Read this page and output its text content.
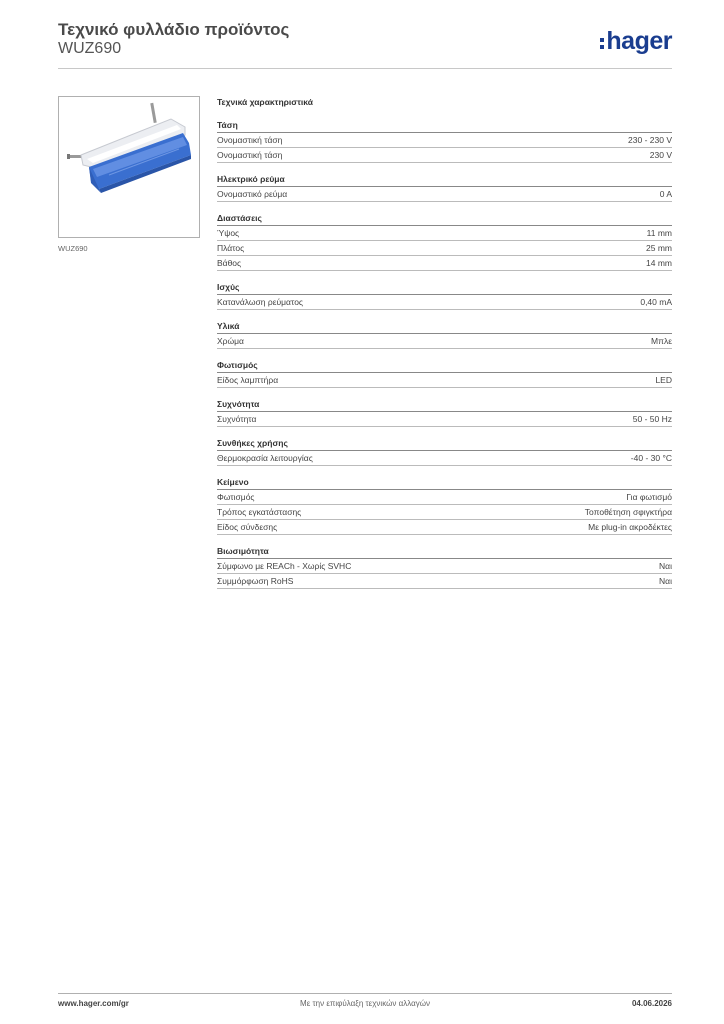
Τεχνικό φυλλάδιο προϊόντος
WUZ690	hager
WUZ690
Τεχνικά χαρακτηριστικά
Τάση
Ονομαστική τάση	230 - 230 V
Ονομαστική τάση	230 V
Ηλεκτρικό ρεύμα
Ονομαστικό ρεύμα	0 A
Διαστάσεις
Ύψος	11 mm
Πλάτος	25 mm
Βάθος	14 mm
Ισχύς
Κατανάλωση ρεύματος	0,40 mA
Υλικά
Χρώμα	Μπλε
Φωτισμός
Είδος λαμπτήρα	LED
Συχνότητα
Συχνότητα	50 - 50 Hz
Συνθήκες χρήσης
Θερμοκρασία λειτουργίας	-40 - 30 °C
Κείμενο
Φωτισμός	Για φωτισμό
Τρόπος εγκατάστασης	Τοποθέτηση σφιγκτήρα
Είδος σύνδεσης	Με plug-in ακροδέκτες
Βιωσιμότητα
Σύμφωνο με REACh - Χωρίς SVHC	Ναι
Συμμόρφωση RoHS	Ναι
www.hager.com/gr	Με την επιφύλαξη τεχνικών αλλαγών	04.06.2026
